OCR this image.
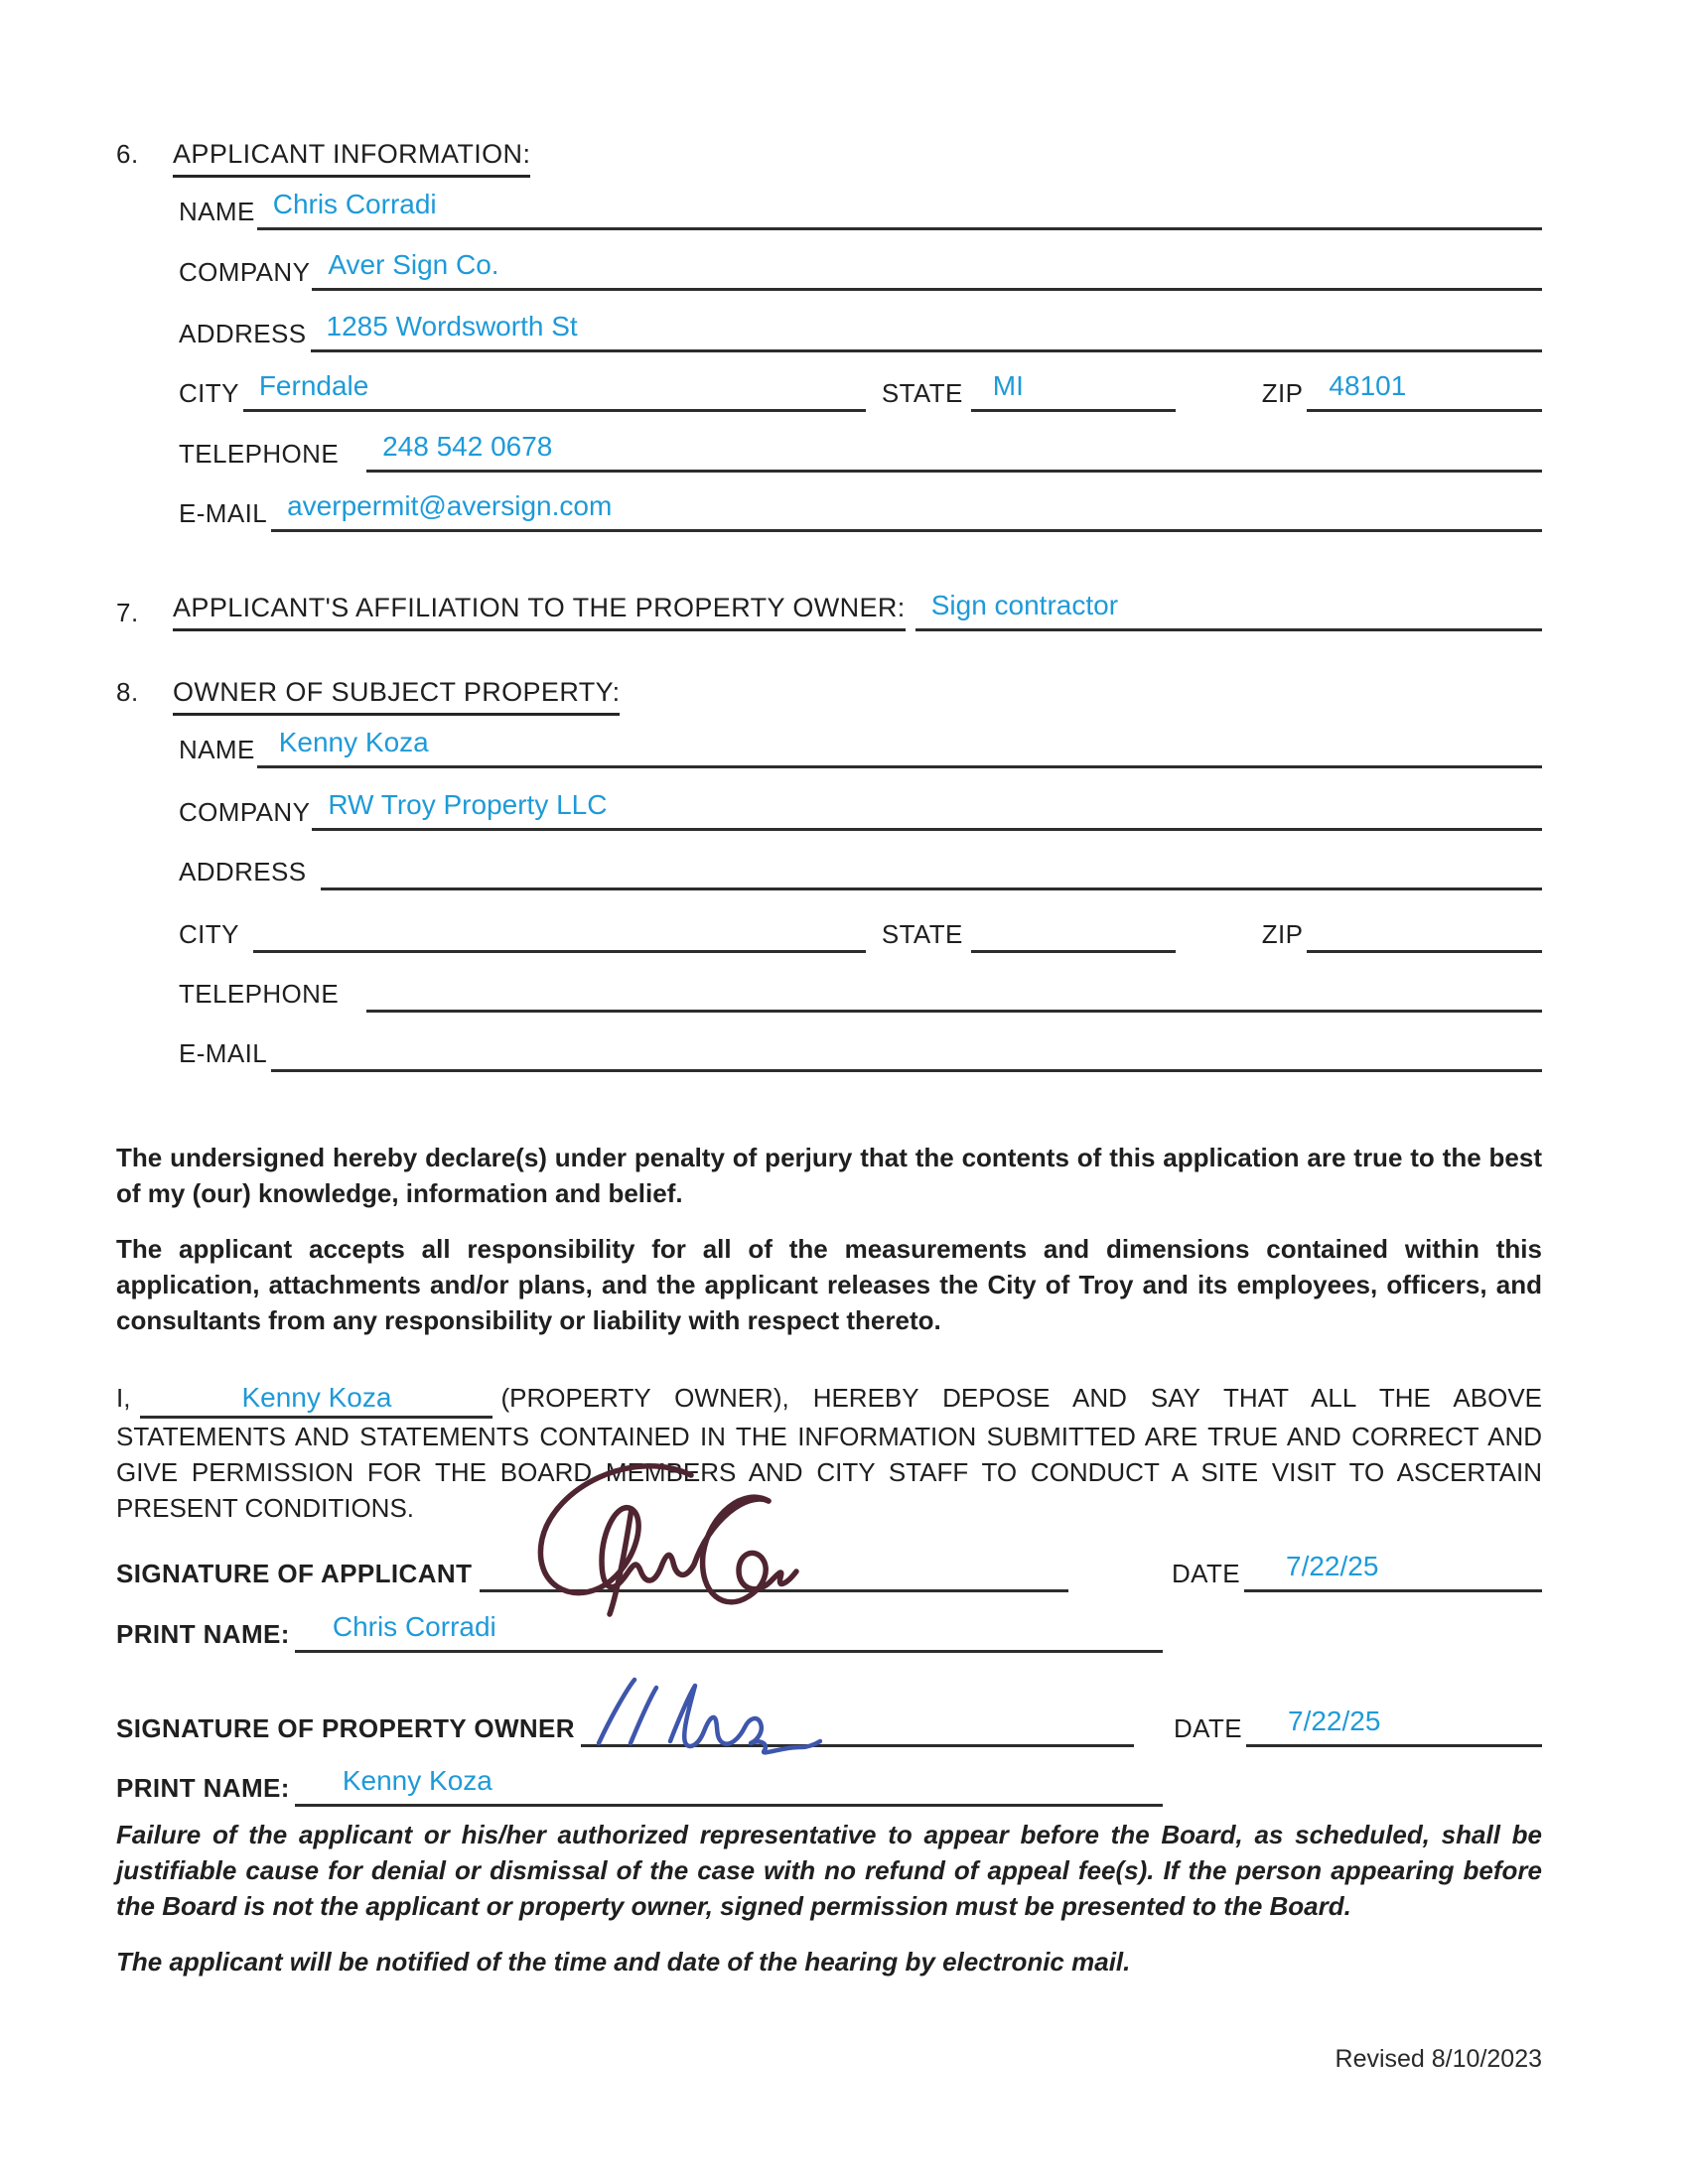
6.	APPLICANT INFORMATION:
NAME Chris Corradi
COMPANY Aver Sign Co.
ADDRESS 1285 Wordsworth St
CITY Ferndale	STATE MI	ZIP 48101
TELEPHONE 248 542 0678
E-MAIL averpermit@aversign.com
7.	APPLICANT'S AFFILIATION TO THE PROPERTY OWNER: Sign contractor
8.	OWNER OF SUBJECT PROPERTY:
NAME Kenny Koza
COMPANY RW Troy Property LLC
ADDRESS
CITY	STATE	ZIP
TELEPHONE
E-MAIL

The undersigned hereby declare(s) under penalty of perjury that the contents of this application are true to the best of my (our) knowledge, information and belief.

The applicant accepts all responsibility for all of the measurements and dimensions contained within this application, attachments and/or plans, and the applicant releases the City of Troy and its employees, officers, and consultants from any responsibility or liability with respect thereto.

I,	Kenny Koza	(PROPERTY OWNER), HEREBY DEPOSE AND SAY THAT ALL THE ABOVE STATEMENTS AND STATEMENTS CONTAINED IN THE INFORMATION SUBMITTED ARE TRUE AND CORRECT AND GIVE PERMISSION FOR THE BOARD MEMBERS AND CITY STAFF TO CONDUCT A SITE VISIT TO ASCERTAIN PRESENT CONDITIONS.

SIGNATURE OF APPLICANT	DATE 7/22/25
PRINT NAME: Chris Corradi
SIGNATURE OF PROPERTY OWNER	DATE 7/22/25
PRINT NAME: Kenny Koza

Failure of the applicant or his/her authorized representative to appear before the Board, as scheduled, shall be justifiable cause for denial or dismissal of the case with no refund of appeal fee(s). If the person appearing before the Board is not the applicant or property owner, signed permission must be presented to the Board.

The applicant will be notified of the time and date of the hearing by electronic mail.

Revised 8/10/2023
